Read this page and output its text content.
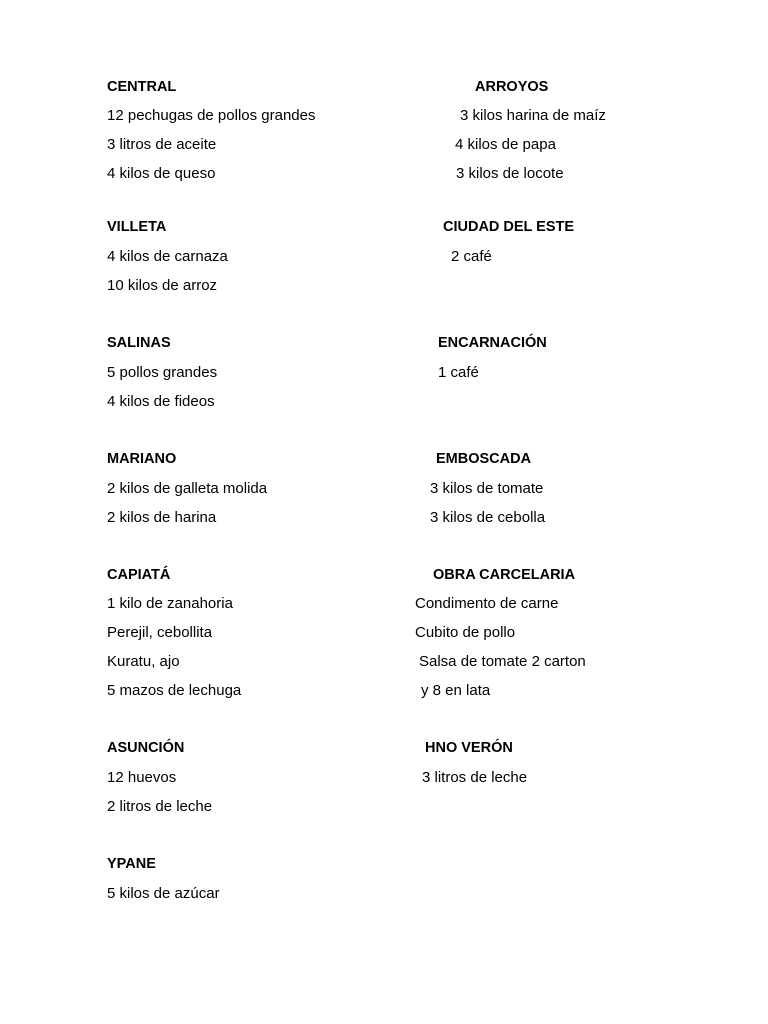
CENTRAL	ARROYOS
12 pechugas de pollos grandes	3 kilos harina de maíz
3 litros de aceite	4 kilos de papa
4 kilos de queso	3 kilos de locote
VILLETA	CIUDAD DEL ESTE
4 kilos de carnaza	2 café
10 kilos de arroz
SALINAS	ENCARNACIÓN
5 pollos grandes	1 café
4 kilos de fideos
MARIANO	EMBOSCADA
2 kilos de galleta molida	3 kilos de tomate
2 kilos de harina	3 kilos de cebolla
CAPIATÁ	OBRA CARCELARIA
1 kilo de zanahoria	Condimento de carne
Perejil, cebollita	Cubito de pollo
Kuratu, ajo	Salsa de tomate 2 carton
5 mazos de lechuga	y 8 en lata
ASUNCIÓN	HNO VERÓN
12 huevos	3 litros de leche
2 litros de leche
YPANE
5 kilos de azúcar
